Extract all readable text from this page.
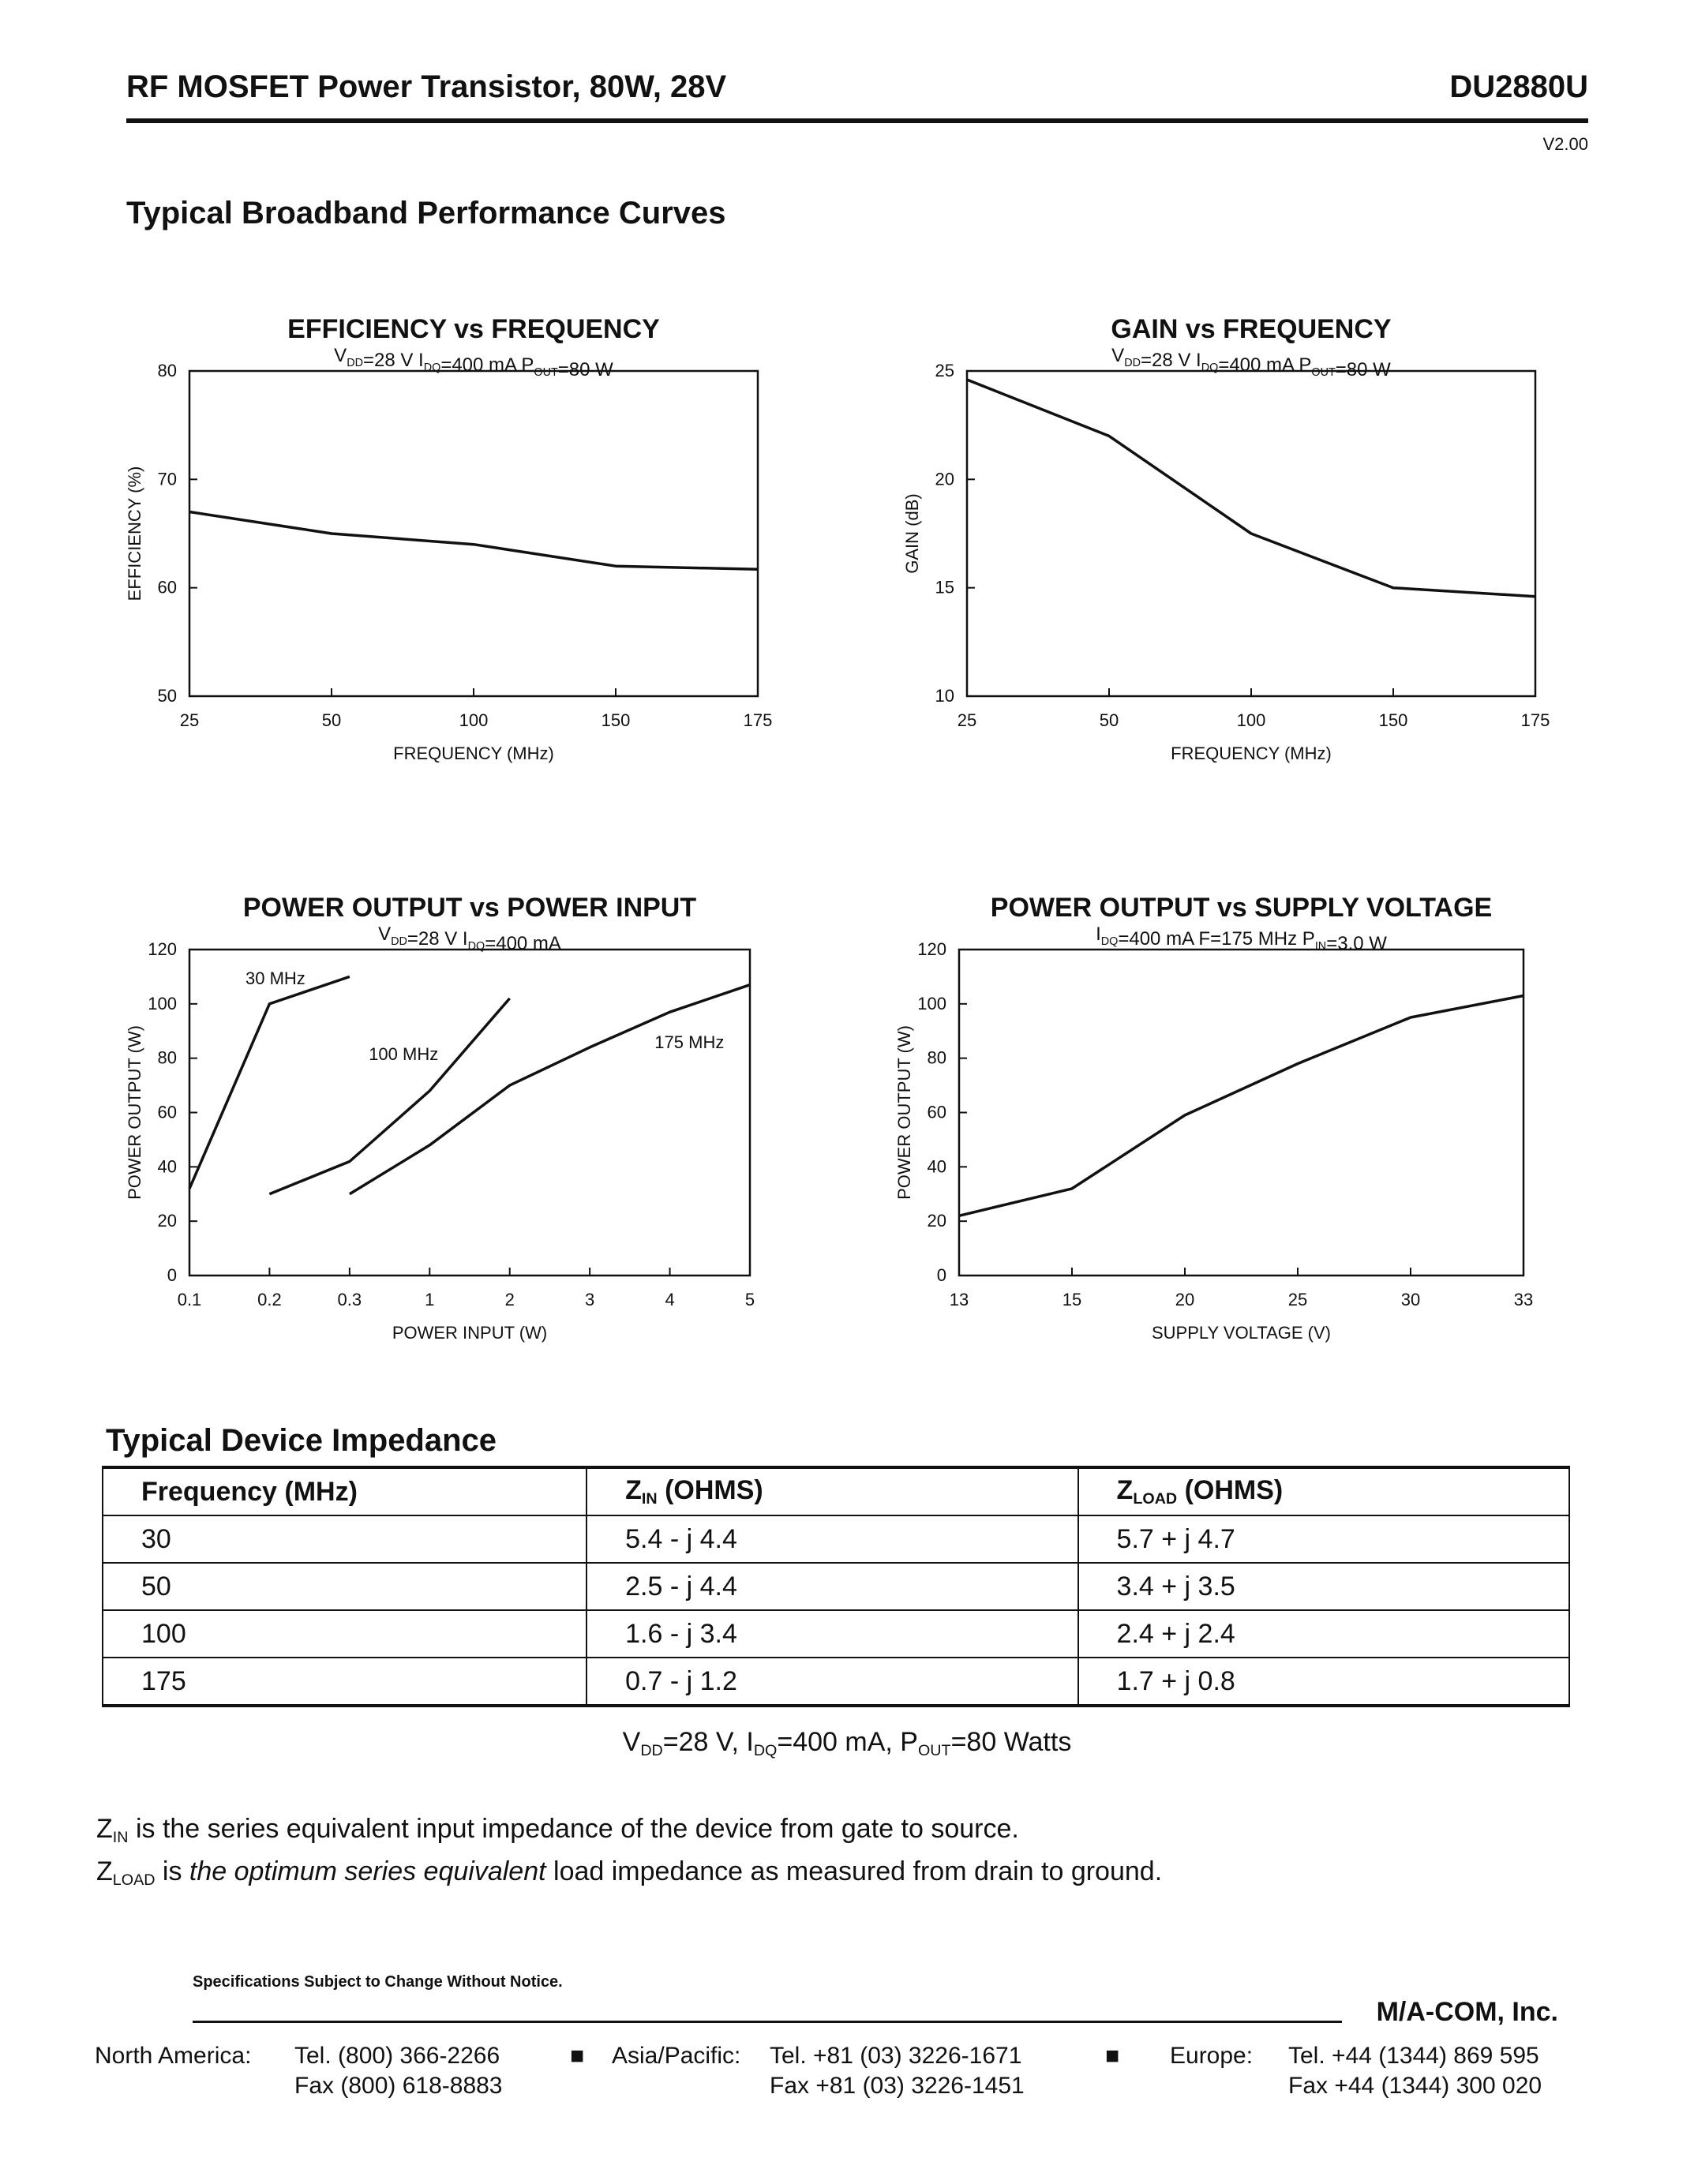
RF MOSFET Power Transistor, 80W, 28V	DU2880U
V2.00
Typical Broadband Performance Curves
EFFICIENCY vs FREQUENCY
$V_{DD}=28$ V $I_{DQ}=400$ mA $P_{OUT}=80$ W
50
60
70
80
25	50	100	150	175
FREQUENCY (MHz)
EFFICIENCY (%)
GAIN vs FREQUENCY
$V_{DD}=28$ V $I_{DQ}=400$ mA $P_{OUT}=80$ W
10
15
20
25
25	50	100	150	175
FREQUENCY (MHz)
GAIN (dB)
POWER OUTPUT vs POWER INPUT
$V_{DD}=28$ V $I_{DQ}=400$ mA
0
20
40
60
80
100
120
0.1	0.2	0.3	1	2	3	4	5
POWER INPUT (W)
POWER OUTPUT (W)
30 MHz
100 MHz
175 MHz
POWER OUTPUT vs SUPPLY VOLTAGE
$I_{DQ}=400$ mA F=175 MHz $P_{IN}=3.0$ W
0
20
40
60
80
100
120
13	15	20	25	30	33
SUPPLY VOLTAGE (V)
POWER OUTPUT (W)
Typical Device Impedance
Frequency (MHz)	$Z_{IN}$ (OHMS)	$Z_{LOAD}$ (OHMS)
30	5.4 - j 4.4	5.7 + j 4.7
50	2.5 - j 4.4	3.4 + j 3.5
100	1.6 - j 3.4	2.4 + j 2.4
175	0.7 - j 1.2	1.7 + j 0.8
$V_{DD}=28$ V, $I_{DQ}=400$ mA, $P_{OUT}=80$ Watts
$Z_{IN}$ is the series equivalent input impedance of the device from gate to source.
$Z_{LOAD}$ is the optimum series equivalent load impedance as measured from drain to ground.
Specifications Subject to Change Without Notice.
M/A-COM, Inc.
North America: Tel. (800) 366-2266
Fax (800) 618-8883
■ Asia/Pacific: Tel. +81 (03) 3226-1671
Fax +81 (03) 3226-1451
■ Europe: Tel. +44 (1344) 869 595
Fax +44 (1344) 300 020
